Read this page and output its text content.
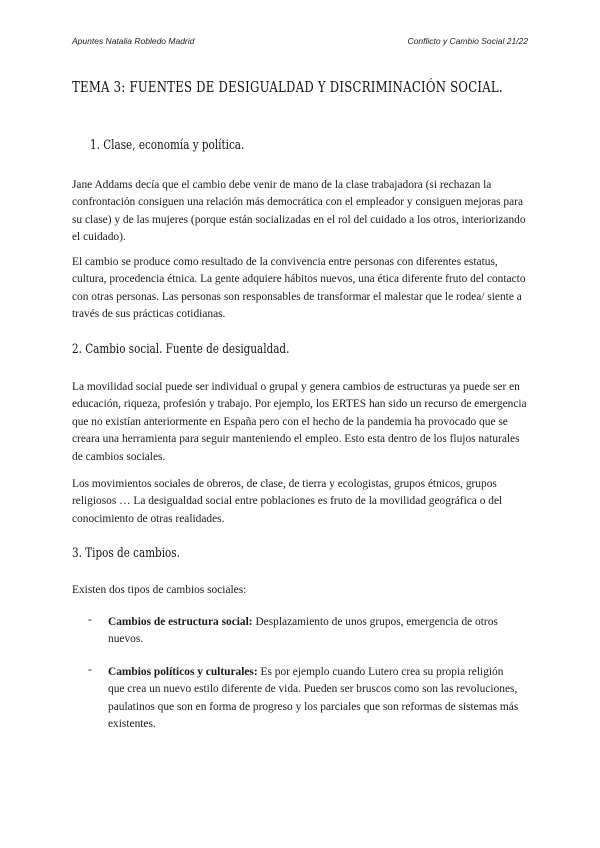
Apuntes Natalia Robledo Madrid	Conflicto y Cambio Social 21/22
TEMA 3: FUENTES DE DESIGUALDAD Y DISCRIMINACIÓN SOCIAL.
1. Clase, economía y política.
Jane Addams decía que el cambio debe venir de mano de la clase trabajadora (si rechazan la confrontación consiguen una relación más democrática con el empleador y consiguen mejoras para su clase) y de las mujeres (porque están socializadas en el rol del cuidado a los otros, interiorizando el cuidado).
El cambio se produce como resultado de la convivencia entre personas con diferentes estatus, cultura, procedencia étnica. La gente adquiere hábitos nuevos, una ética diferente fruto del contacto con otras personas. Las personas son responsables de transformar el malestar que le rodea/ siente a través de sus prácticas cotidianas.
2. Cambio social. Fuente de desigualdad.
La movilidad social puede ser individual o grupal y genera cambios de estructuras ya puede ser en educación, riqueza, profesión y trabajo. Por ejemplo, los ERTES han sido un recurso de emergencia que no existían anteriormente en España pero con el hecho de la pandemia ha provocado que se creara una herramienta para seguir manteniendo el empleo. Esto esta dentro de los flujos naturales de cambios sociales.
Los movimientos sociales de obreros, de clase, de tierra y ecologistas, grupos étnicos, grupos religiosos … La desigualdad social entre poblaciones es fruto de la movilidad geográfica o del conocimiento de otras realidades.
3. Tipos de cambios.
Existen dos tipos de cambios sociales:
- Cambios de estructura social: Desplazamiento de unos grupos, emergencia de otros nuevos.
- Cambios políticos y culturales: Es por ejemplo cuando Lutero crea su propia religión que crea un nuevo estilo diferente de vida. Pueden ser bruscos como son las revoluciones, paulatinos que son en forma de progreso y los parciales que son reformas de sistemas más existentes.
